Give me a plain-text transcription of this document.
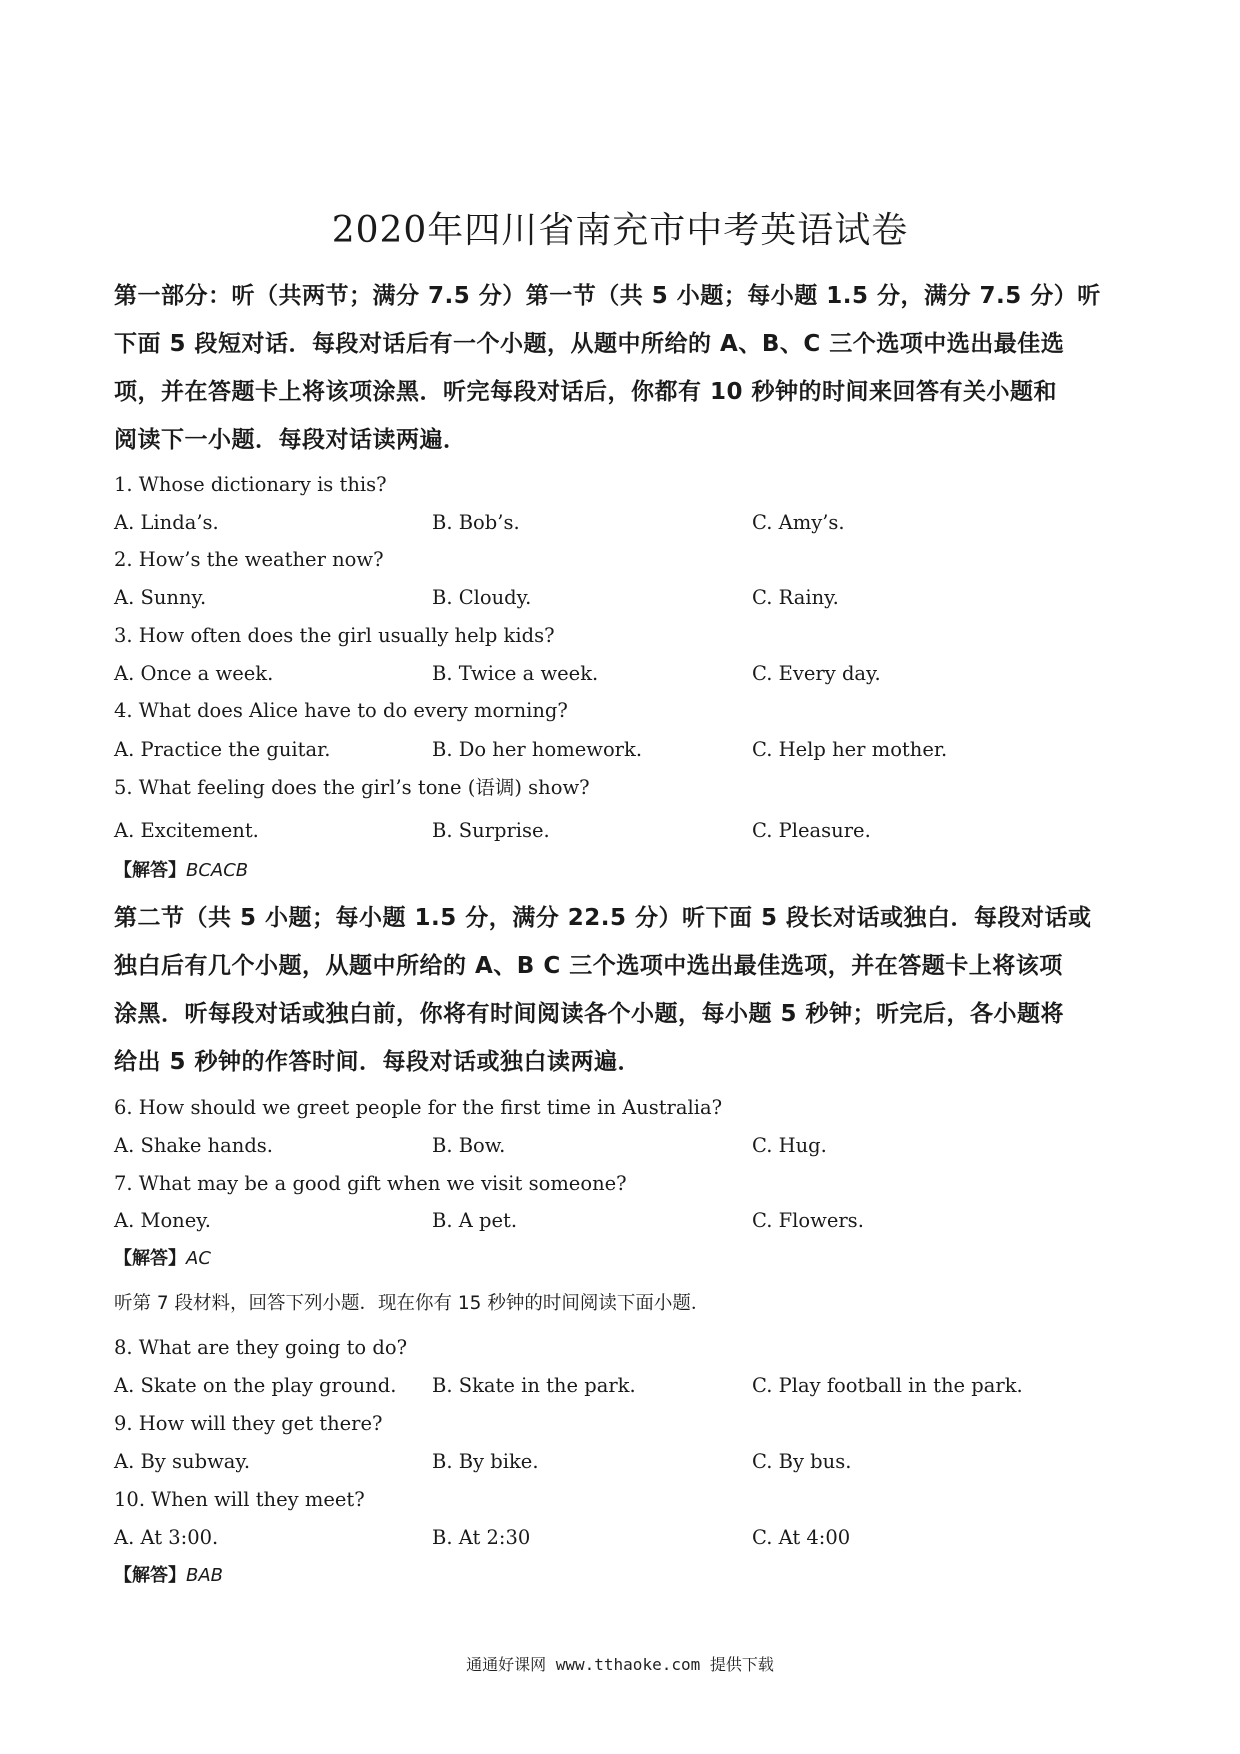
2020年四川省南充市中考英语试卷
第一部分：听（共两节；满分 7.5 分）第一节（共 5 小题；每小题 1.5 分，满分 7.5 分）听
下面 5 段短对话．每段对话后有一个小题，从题中所给的 A、B、C 三个选项中选出最佳选
项，并在答题卡上将该项涂黑．听完每段对话后，你都有 10 秒钟的时间来回答有关小题和
阅读下一小题．每段对话读两遍．
1. Whose dictionary is this?
A. Linda’s.	B. Bob’s.	C. Amy’s.
2. How’s the weather now?
A. Sunny.	B. Cloudy.	C. Rainy.
3. How often does the girl usually help kids?
A. Once a week.	B. Twice a week.	C. Every day.
4. What does Alice have to do every morning?
A. Practice the guitar.	B. Do her homework.	C. Help her mother.
5. What feeling does the girl’s tone (语调) show?
A. Excitement.	B. Surprise.	C. Pleasure.
【解答】BCACB
第二节（共 5 小题；每小题 1.5 分，满分 22.5 分）听下面 5 段长对话或独白．每段对话或
独白后有几个小题，从题中所给的 A、B C 三个选项中选出最佳选项，并在答题卡上将该项
涂黑．听每段对话或独白前，你将有时间阅读各个小题，每小题 5 秒钟；听完后，各小题将
给出 5 秒钟的作答时间．每段对话或独白读两遍．
6. How should we greet people for the first time in Australia?
A. Shake hands.	B. Bow.	C. Hug.
7. What may be a good gift when we visit someone?
A. Money.	B. A pet.	C. Flowers.
【解答】AC
听第 7 段材料，回答下列小题．现在你有 15 秒钟的时间阅读下面小题．
8. What are they going to do?
A. Skate on the play ground. B. Skate in the park.	C. Play football in the park.
9. How will they get there?
A. By subway.	B. By bike.	C. By bus.
10. When will they meet?
A. At 3:00.	B. At 2:30	C. At 4:00
【解答】BAB
通通好课网 www.tthaoke.com 提供下载
